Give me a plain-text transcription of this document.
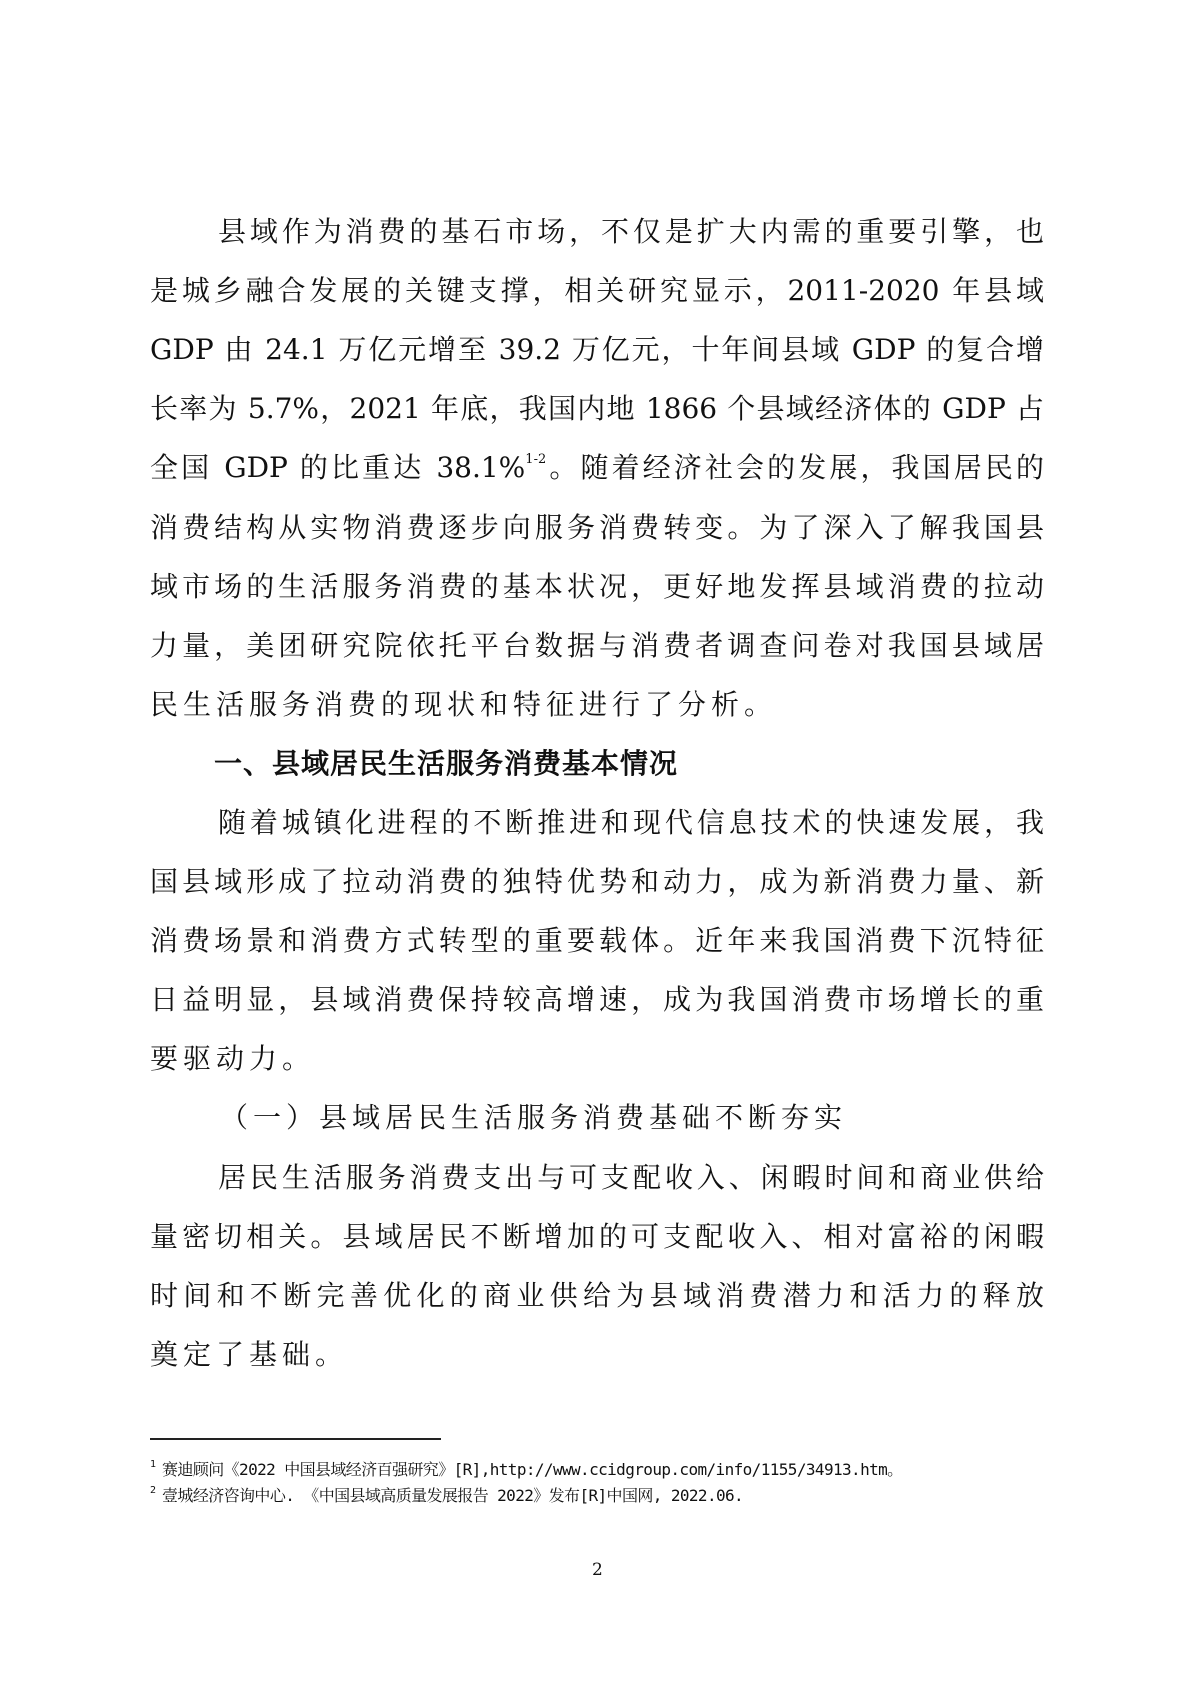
县域作为消费的基石市场，不仅是扩大内需的重要引擎，也
是城乡融合发展的关键支撑，相关研究显示，2011-2020 年县域
GDP 由 24.1 万亿元增至 39.2 万亿元，十年间县域 GDP 的复合增
长率为 5.7%，2021 年底，我国内地 1866 个县域经济体的 GDP 占
全国 GDP 的比重达 38.1%$^{1-2}$。随着经济社会的发展，我国居民的
消费结构从实物消费逐步向服务消费转变。为了深入了解我国县
域市场的生活服务消费的基本状况，更好地发挥县域消费的拉动
力量，美团研究院依托平台数据与消费者调查问卷对我国县域居
民生活服务消费的现状和特征进行了分析。
一、县域居民生活服务消费基本情况
随着城镇化进程的不断推进和现代信息技术的快速发展，我
国县域形成了拉动消费的独特优势和动力，成为新消费力量、新
消费场景和消费方式转型的重要载体。近年来我国消费下沉特征
日益明显，县域消费保持较高增速，成为我国消费市场增长的重
要驱动力。
（一）县域居民生活服务消费基础不断夯实
居民生活服务消费支出与可支配收入、闲暇时间和商业供给
量密切相关。县域居民不断增加的可支配收入、相对富裕的闲暇
时间和不断完善优化的商业供给为县域消费潜力和活力的释放
奠定了基础。
$^1$ 赛迪顾问《2022 中国县域经济百强研究》[R],http://www.ccidgroup.com/info/1155/34913.htm。
$^2$ 壹城经济咨询中心. 《中国县域高质量发展报告 2022》发布[R]中国网, 2022.06.
2
